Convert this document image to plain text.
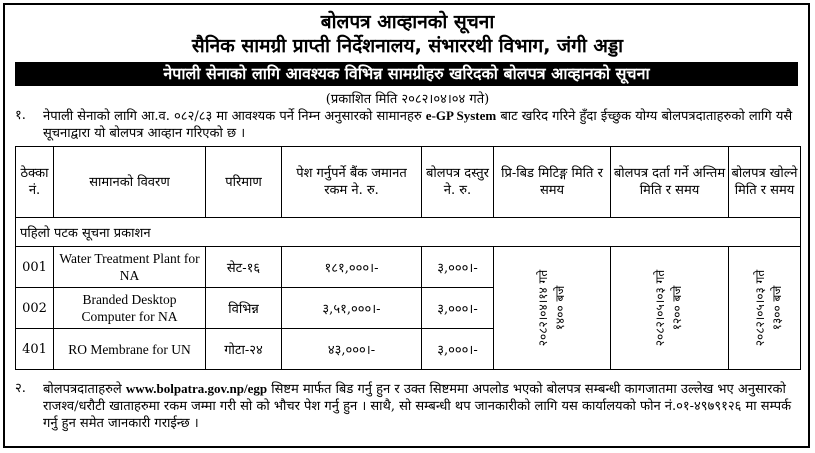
बोलपत्र आव्हानको सूचना
सैनिक सामग्री प्राप्ती निर्देशनालय, संभाररथी विभाग, जंगी अड्डा
नेपाली सेनाको लागि आवश्यक विभिन्न सामग्रीहरु खरिदको बोलपत्र आव्हानको सूचना
(प्रकाशित मिति २०८२।०४।०४ गते)
१. नेपाली सेनाको लागि आ.व. ०८२/८३ मा आवश्यक पर्ने निम्न अनुसारको सामानहरु e-GP System बाट खरिद गरिने हुँदा ईच्छुक योग्य बोलपत्रदाताहरुको लागि यसै सूचनाद्वारा यो बोलपत्र आव्हान गरिएको छ ।
ठेक्का नं.	सामानको विवरण	परिमाण	पेश गर्नुपर्ने बैंक जमानत रकम ने. रु.	बोलपत्र दस्तुर ने. रु.	प्रि-बिड मिटिङ्ग मिति र समय	बोलपत्र दर्ता गर्ने अन्तिम मिति र समय	बोलपत्र खोल्ने मिति र समय
पहिलो पटक सूचना प्रकाशन							
001	Water Treatment Plant for NA	सेट-१६	१८१,०००।-	३,०००।-	२०८२।०४।१४ गते १४०० बजे	२०८२।०५।०३ गते १२०० बजे	२०८२।०५।०३ गते १३०० बजे
002	Branded Desktop Computer for NA	विभिन्न	३,५१,०००।-	३,०००।-			
401	RO Membrane for UN	गोटा-२४	४३,०००।-	३,०००।-			
२. बोलपत्रदाताहरुले www.bolpatra.gov.np/egp सिष्टम मार्फत बिड गर्नु हुन र उक्त सिष्टममा अपलोड भएको बोलपत्र सम्बन्धी कागजातमा उल्लेख भए अनुसारको राजश्व/धरौटी खाताहरुमा रकम जम्मा गरी सो को भौचर पेश गर्नु हुन । साथै, सो सम्बन्धी थप जानकारीको लागि यस कार्यालयको फोन नं.०१-४९७९१२६ मा सम्पर्क गर्नु हुन समेत जानकारी गराईन्छ ।
